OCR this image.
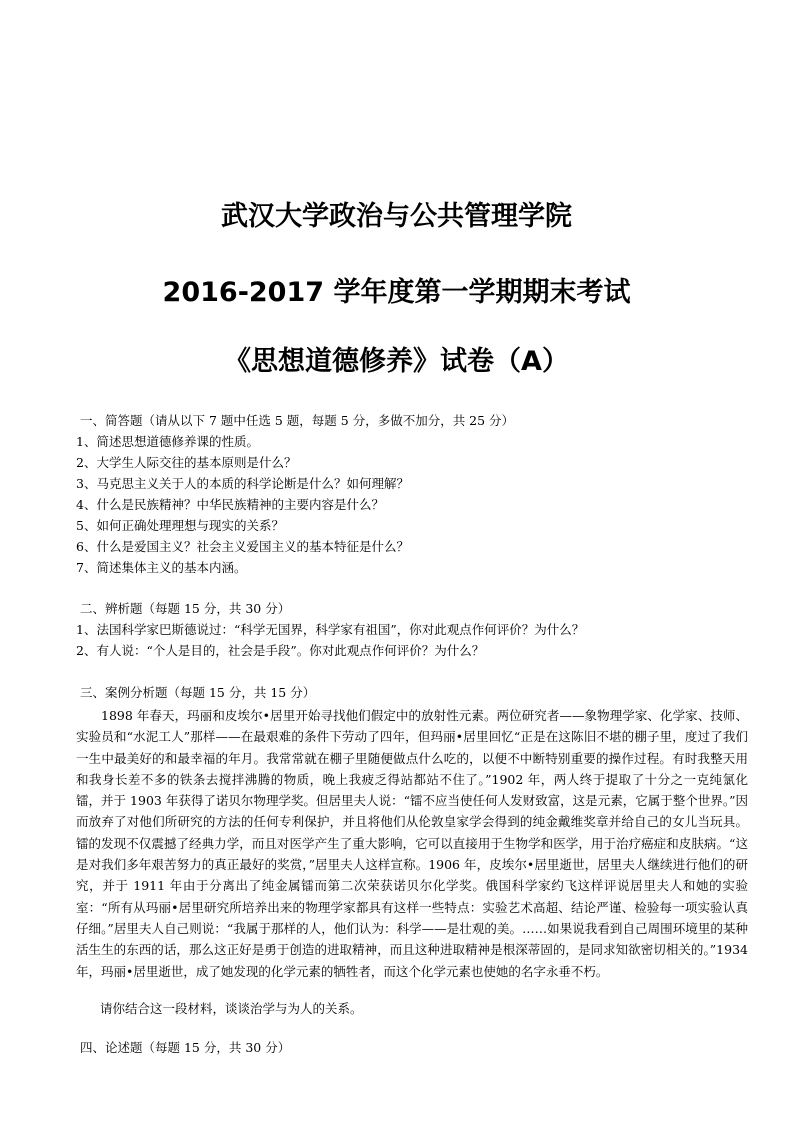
武汉大学政治与公共管理学院
2016-2017 学年度第一学期期末考试
《思想道德修养》试卷（A）
一、简答题（请从以下 7 题中任选 5 题，每题 5 分，多做不加分，共 25 分）
1、简述思想道德修养课的性质。
2、大学生人际交往的基本原则是什么？
3、马克思主义关于人的本质的科学论断是什么？如何理解？
4、什么是民族精神？中华民族精神的主要内容是什么？
5、如何正确处理理想与现实的关系？
6、什么是爱国主义？社会主义爱国主义的基本特征是什么？
7、简述集体主义的基本内涵。
二、辨析题（每题 15 分，共 30 分）
1、法国科学家巴斯德说过：“科学无国界，科学家有祖国”，你对此观点作何评价？为什么？
2、有人说：“个人是目的，社会是手段”。你对此观点作何评价？为什么？
三、案例分析题（每题 15 分，共 15 分）

1898 年春天，玛丽和皮埃尔•居里开始寻找他们假定中的放射性元素。两位研究者——象物理学家、化学家、技师、实验员和“水泥工人”那样——在最艰难的条件下劳动了四年，但玛丽•居里回忆“正是在这陈旧不堪的棚子里，度过了我们一生中最美好的和最幸福的年月。我常常就在棚子里随便做点什么吃的，以便不中断特别重要的操作过程。有时我整天用和我身长差不多的铁条去搅拌沸腾的物质，晚上我疲乏得站都站不住了。”1902 年，两人终于提取了十分之一克纯氯化镭，并于 1903 年获得了诺贝尔物理学奖。但居里夫人说：“镭不应当使任何人发财致富，这是元素，它属于整个世界。”因而放弃了对他们所研究的方法的任何专利保护，并且将他们从伦敦皇家学会得到的纯金戴维奖章并给自己的女儿当玩具。镭的发现不仅震撼了经典力学，而且对医学产生了重大影响，它可以直接用于生物学和医学，用于治疗癌症和皮肤病。“这是对我们多年艰苦努力的真正最好的奖赏，”居里夫人这样宣称。1906 年，皮埃尔•居里逝世，居里夫人继续进行他们的研究，并于 1911 年由于分离出了纯金属镭而第二次荣获诺贝尔化学奖。俄国科学家约飞这样评说居里夫人和她的实验室：“所有从玛丽•居里研究所培养出来的物理学家都具有这样一些特点：实验艺术高超、结论严谨、检验每一项实验认真仔细。”居里夫人自己则说：“我属于那样的人，他们认为：科学——是壮观的美。……如果说我看到自己周围环境里的某种活生生的东西的话，那么这正好是勇于创造的进取精神，而且这种进取精神是根深蒂固的，是同求知欲密切相关的。”1934 年，玛丽•居里逝世，成了她发现的化学元素的牺牲者，而这个化学元素也使她的名字永垂不朽。

请你结合这一段材料，谈谈治学与为人的关系。
四、论述题（每题 15 分，共 30 分）
